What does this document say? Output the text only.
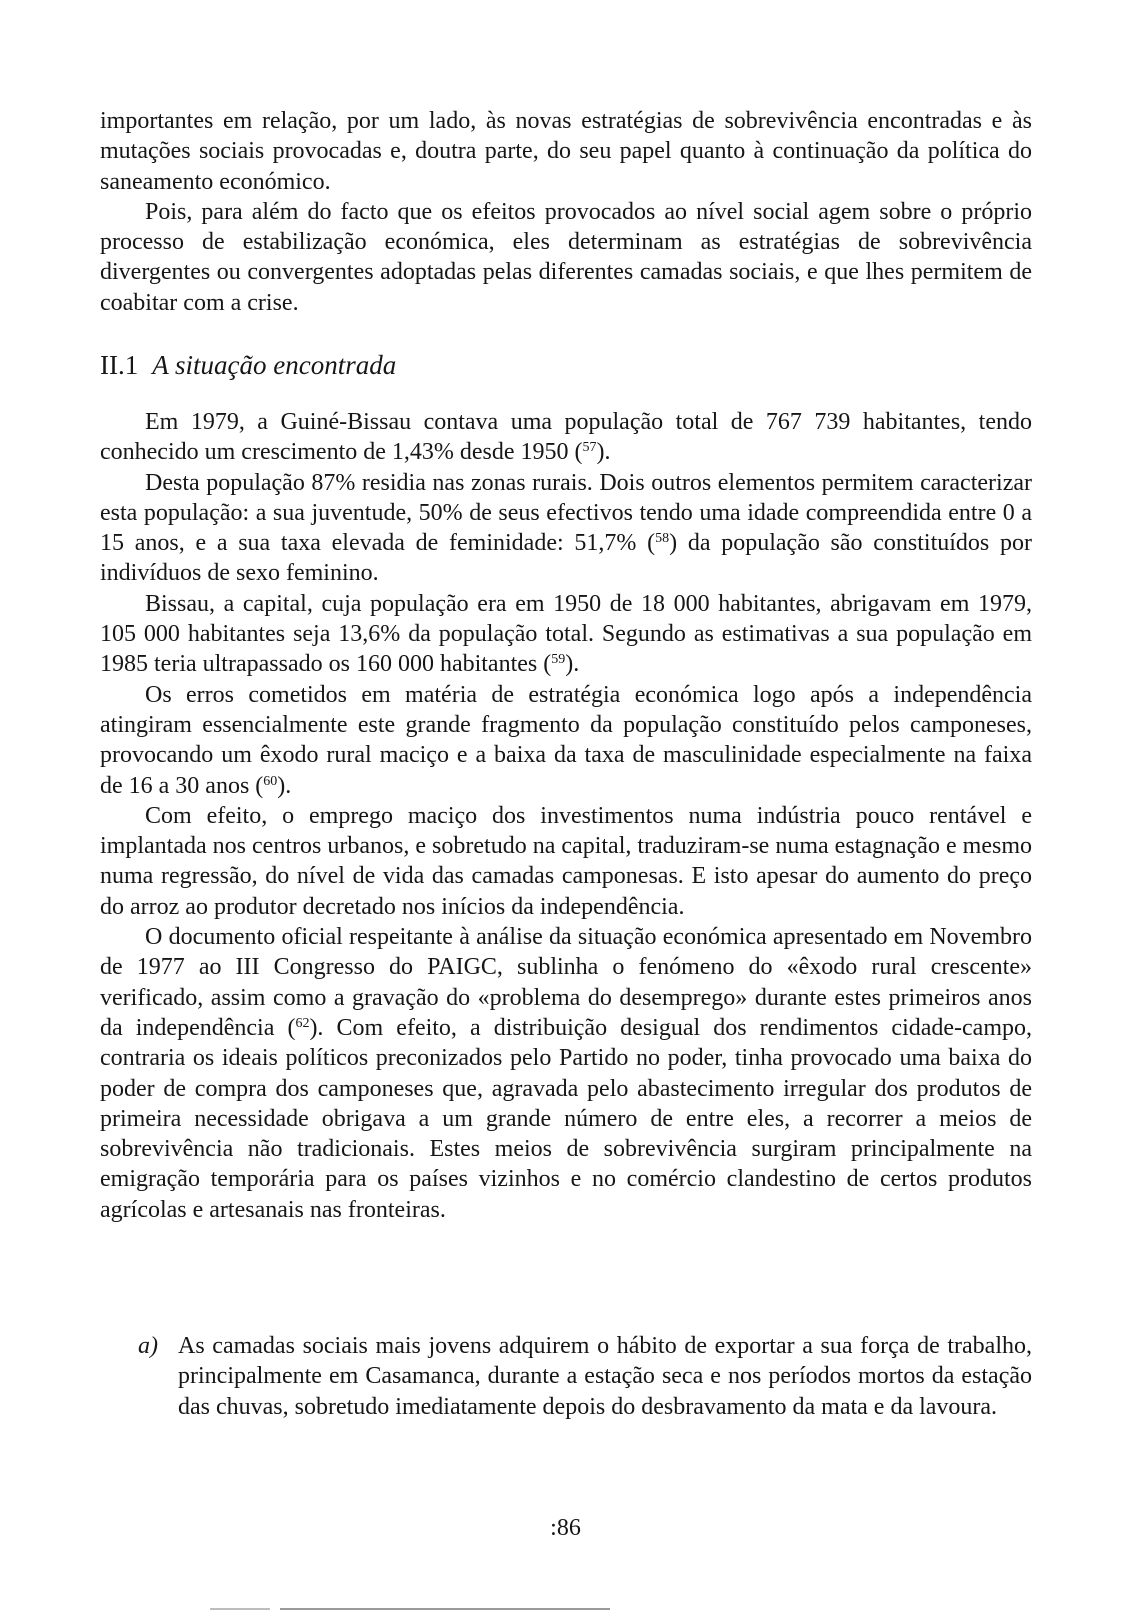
importantes em relação, por um lado, às novas estratégias de sobrevivência encontradas e às mutações sociais provocadas e, doutra parte, do seu papel quanto à continuação da política do saneamento económico.

Pois, para além do facto que os efeitos provocados ao nível social agem sobre o próprio processo de estabilização económica, eles determinam as estratégias de sobrevivência divergentes ou convergentes adoptadas pelas diferentes camadas sociais, e que lhes permitem de coabitar com a crise.

II.1 A situação encontrada

Em 1979, a Guiné-Bissau contava uma população total de 767 739 habitantes, tendo conhecido um crescimento de 1,43% desde 1950 ($^{57}$).

Desta população 87% residia nas zonas rurais. Dois outros elementos permitem caracterizar esta população: a sua juventude, 50% de seus efectivos tendo uma idade compreendida entre 0 a 15 anos, e a sua taxa elevada de feminidade: 51,7% ($^{58}$) da população são constituídos por indivíduos de sexo feminino.

Bissau, a capital, cuja população era em 1950 de 18 000 habitantes, abrigavam em 1979, 105 000 habitantes seja 13,6% da população total. Segundo as estimativas a sua população em 1985 teria ultrapassado os 160 000 habitantes ($^{59}$).

Os erros cometidos em matéria de estratégia económica logo após a independência atingiram essencialmente este grande fragmento da população constituído pelos camponeses, provocando um êxodo rural maciço e a baixa da taxa de masculinidade especialmente na faixa de 16 a 30 anos ($^{60}$).

Com efeito, o emprego maciço dos investimentos numa indústria pouco rentável e implantada nos centros urbanos, e sobretudo na capital, traduziram-se numa estagnação e mesmo numa regressão, do nível de vida das camadas camponesas. E isto apesar do aumento do preço do arroz ao produtor decretado nos inícios da independência.

O documento oficial respeitante à análise da situação económica apresentado em Novembro de 1977 ao III Congresso do PAIGC, sublinha o fenómeno do «êxodo rural crescente» verificado, assim como a gravação do «problema do desemprego» durante estes primeiros anos da independência ($^{62}$). Com efeito, a distribuição desigual dos rendimentos cidade-campo, contraria os ideais políticos preconizados pelo Partido no poder, tinha provocado uma baixa do poder de compra dos camponeses que, agravada pelo abastecimento irregular dos produtos de primeira necessidade obrigava a um grande número de entre eles, a recorrer a meios de sobrevivência não tradicionais. Estes meios de sobrevivência surgiram principalmente na emigração temporária para os países vizinhos e no comércio clandestino de certos produtos agrícolas e artesanais nas fronteiras.

a) As camadas sociais mais jovens adquirem o hábito de exportar a sua força de trabalho, principalmente em Casamanca, durante a estação seca e nos períodos mortos da estação das chuvas, sobretudo imediatamente depois do desbravamento da mata e da lavoura.
:86
